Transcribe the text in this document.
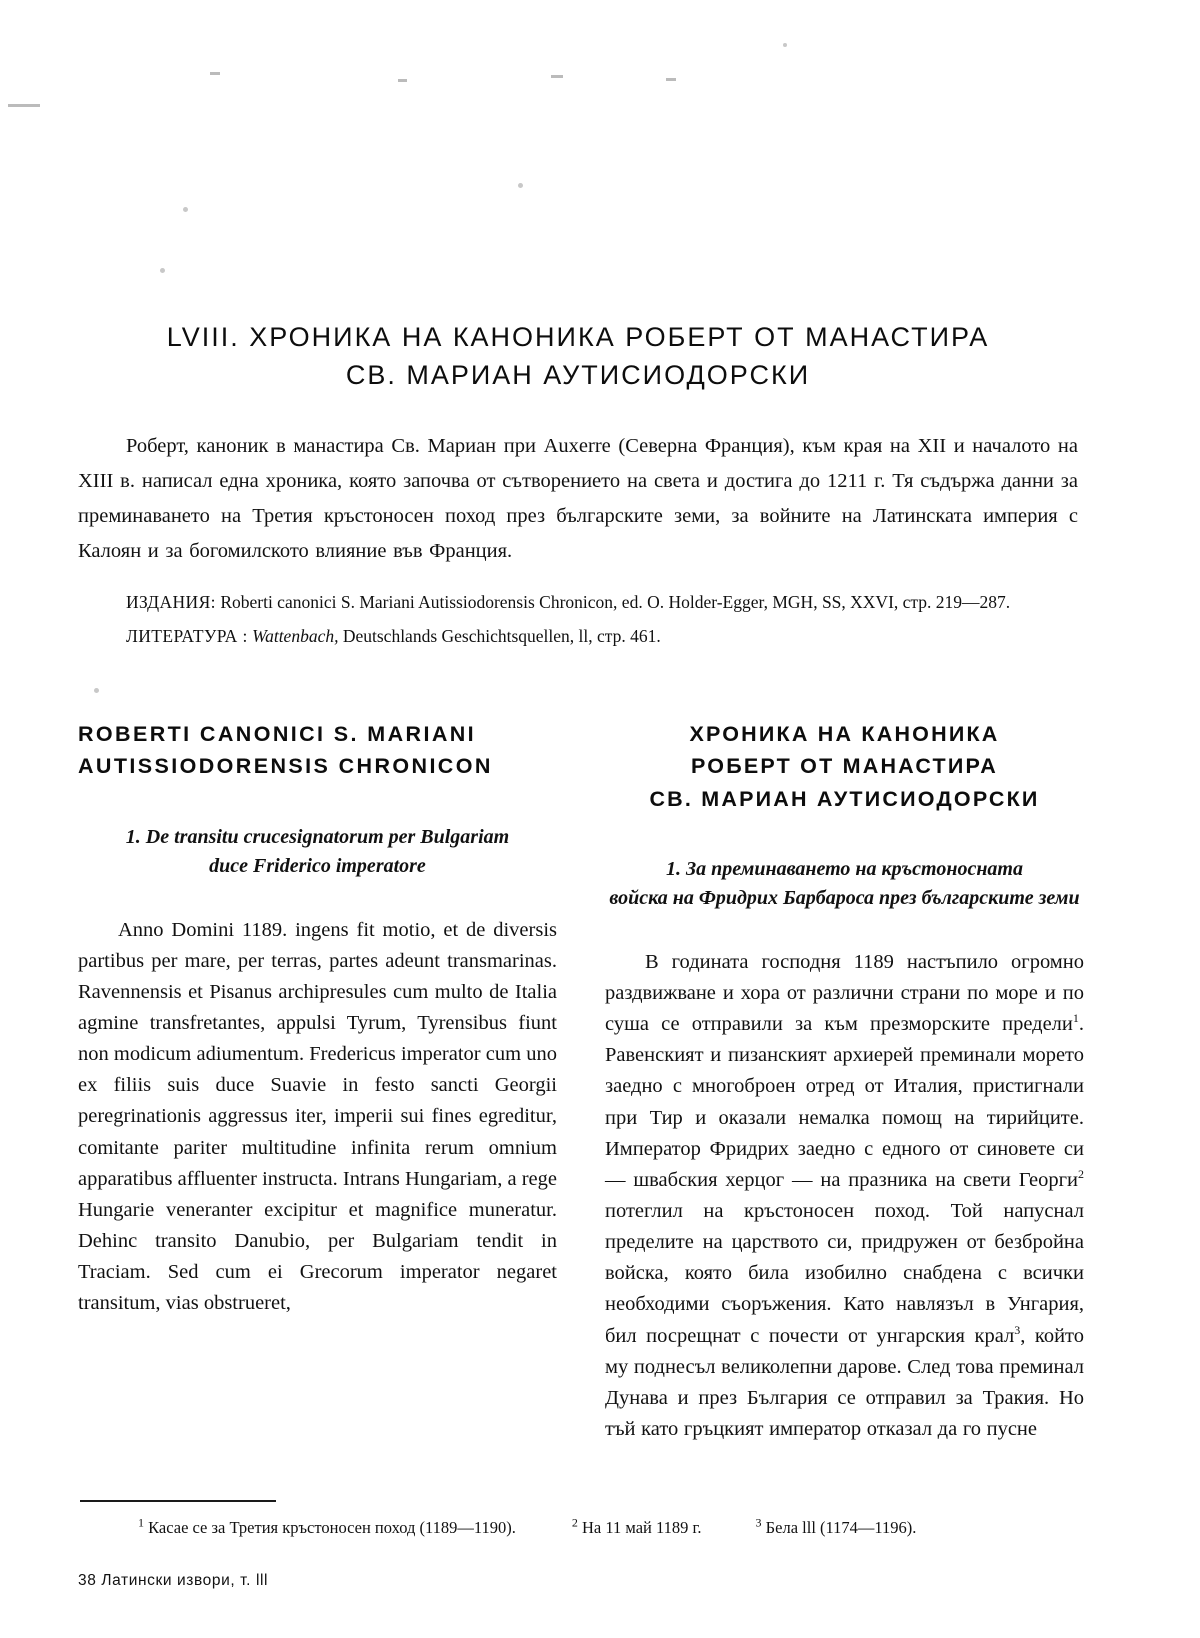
LVIII. ХРОНИКА НА КАНОНИКА РОБЕРТ ОТ МАНАСТИРА
СВ. МАРИАН АУТИСИОДОРСКИ

Роберт, каноник в манастира Св. Мариан при Auxerre (Северна Франция), към края на XII и началото на XIII в. написал една хроника, която започва от сътворението на света и достига до 1211 г. Тя съдържа данни за преминаването на Третия кръстоносен поход през българските земи, за войните на Латинската империя с Калоян и за богомилското влияние във Франция.

ИЗДАНИЯ: Roberti canonici S. Mariani Autissiodorensis Chronicon, ed. O. Holder-Egger, MGH, SS, XXVI, стр. 219—287.

ЛИТЕРАТУРА : Wattenbach, Deutschlands Geschichtsquellen, ll, стр. 461.

ROBERTI CANONICI S. MARIANI
AUTISSIODORENSIS CHRONICON
1. De transitu crucesignatorum per Bulgariam
duce Friderico imperatore

Anno Domini 1189. ingens fit motio, et de diversis partibus per mare, per terras, partes adeunt transmarinas. Ravennensis et Pisanus archipresules cum multo de Italia agmine transfretantes, appulsi Tyrum, Tyrensibus fiunt non modicum adiumentum. Fredericus imperator cum uno ex filiis suis duce Suavie in festo sancti Georgii peregrinationis aggressus iter, imperii sui fines egreditur, comitante pariter multitudine infinita rerum omnium apparatibus affluenter instructa. Intrans Hungariam, a rege Hungarie veneranter excipitur et magnifice muneratur. Dehinc transito Danubio, per Bulgariam tendit in Traciam. Sed cum ei Grecorum imperator negaret transitum, vias obstrueret,

ХРОНИКА НА КАНОНИКА
РОБЕРТ ОТ МАНАСТИРА
СВ. МАРИАН АУТИСИОДОРСКИ
1. За преминаването на кръстоносната
войска на Фридрих Барбароса през българските земи

В годината господня 1189 настъпило огромно раздвижване и хора от различни страни по море и по суша се отправили за към презморските предели$^1$. Равенският и пизанският архиерей преминали морето заедно с многоброен отред от Италия, пристигнали при Тир и оказали немалка помощ на тирийците. Император Фридрих заедно с едного от синовете си — швабския херцог — на празника на свети Георги$^2$ потеглил на кръстоносен поход. Той напуснал пределите на царството си, придружен от безбройна войска, която била изобилно снабдена с всички необходими съоръжения. Като навлязъл в Унгария, бил посрещнат с почести от унгарския крал$^3$, който му поднесъл великолепни дарове. След това преминал Дунава и през България се отправил за Тракия. Но тъй като гръцкият император отказал да го пусне

$^1$ Касае се за Третия кръстоносен поход (1189—1190).	$^2$ На 11 май 1189 г.	$^3$ Бела lll (1174—1196).
38 Латински извори, т. lll
